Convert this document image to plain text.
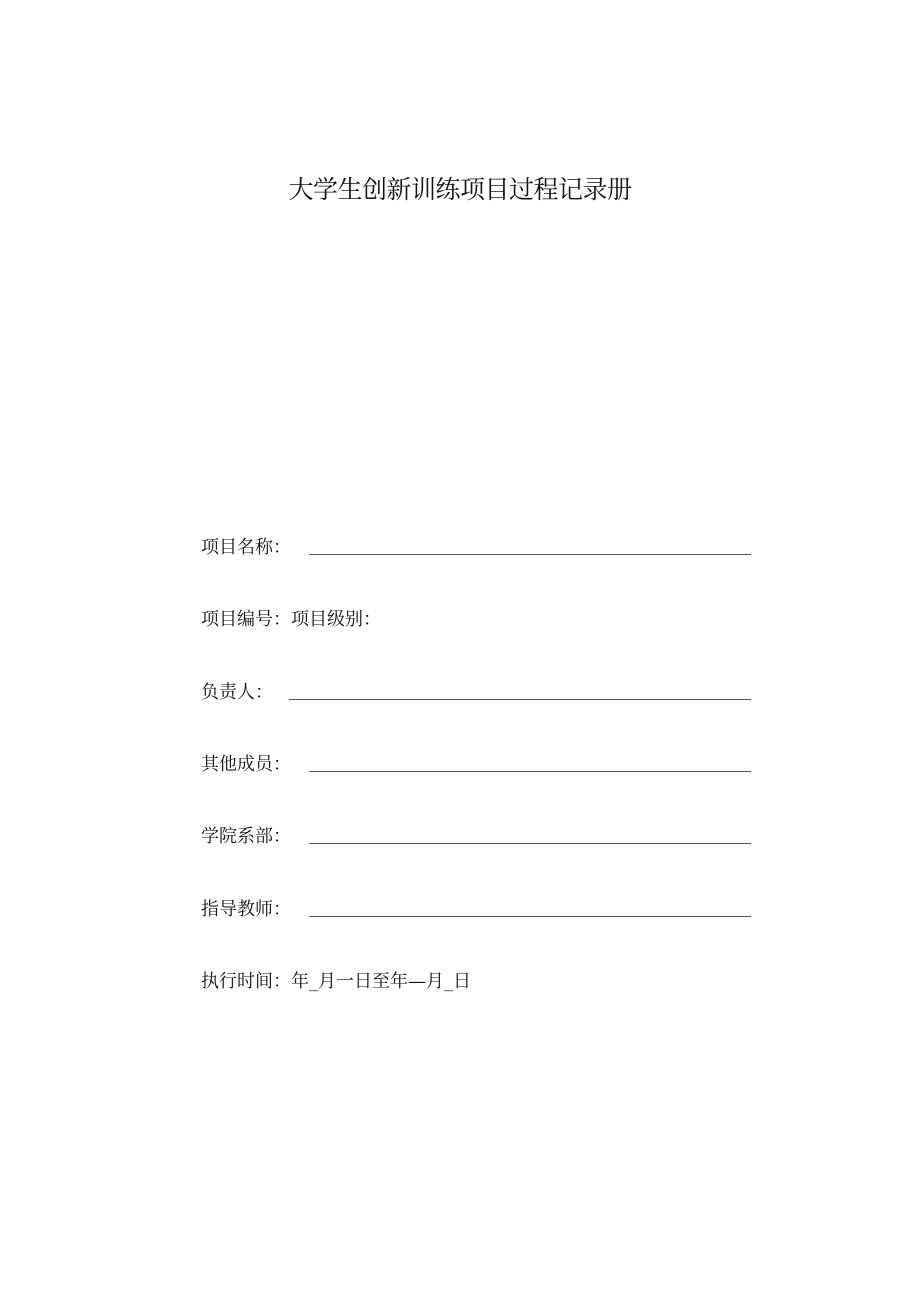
大学生创新训练项目过程记录册
项目名称：
项目编号：项目级别：
负责人：
其他成员：
学院系部：
指导教师：
执行时间：年_月一日至年—月_日
